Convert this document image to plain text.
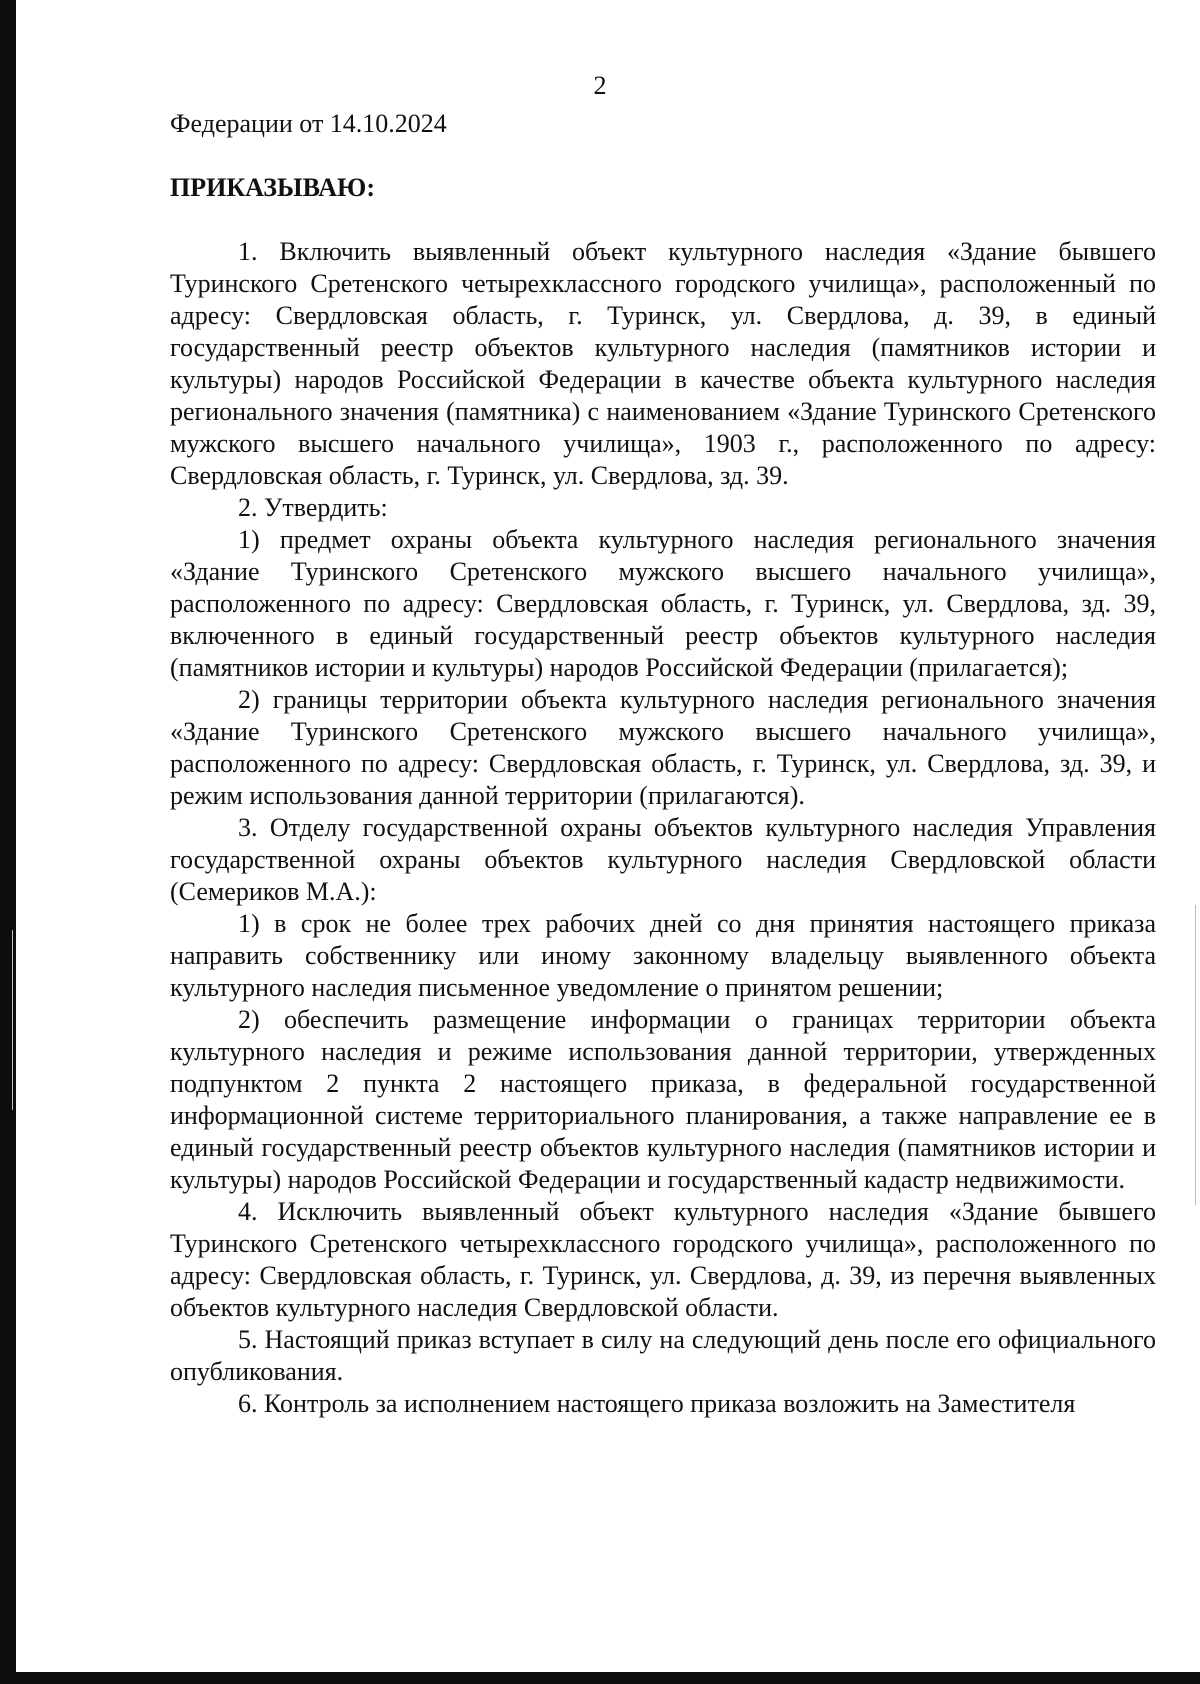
2

Федерации от 14.10.2024

ПРИКАЗЫВАЮ:

1. Включить выявленный объект культурного наследия «Здание бывшего Туринского Сретенского четырехклассного городского училища», расположенный по адресу: Свердловская область, г. Туринск, ул. Свердлова, д. 39, в единый государственный реестр объектов культурного наследия (памятников истории и культуры) народов Российской Федерации в качестве объекта культурного наследия регионального значения (памятника) с наименованием «Здание Туринского Сретенского мужского высшего начального училища», 1903 г., расположенного по адресу: Свердловская область, г. Туринск, ул. Свердлова, зд. 39.

2. Утвердить:

1) предмет охраны объекта культурного наследия регионального значения «Здание Туринского Сретенского мужского высшего начального училища», расположенного по адресу: Свердловская область, г. Туринск, ул. Свердлова, зд. 39, включенного в единый государственный реестр объектов культурного наследия (памятников истории и культуры) народов Российской Федерации (прилагается);

2) границы территории объекта культурного наследия регионального значения «Здание Туринского Сретенского мужского высшего начального училища», расположенного по адресу: Свердловская область, г. Туринск, ул. Свердлова, зд. 39, и режим использования данной территории (прилагаются).

3. Отделу государственной охраны объектов культурного наследия Управления государственной охраны объектов культурного наследия Свердловской области (Семериков М.А.):

1) в срок не более трех рабочих дней со дня принятия настоящего приказа направить собственнику или иному законному владельцу выявленного объекта культурного наследия письменное уведомление о принятом решении;

2) обеспечить размещение информации о границах территории объекта культурного наследия и режиме использования данной территории, утвержденных подпунктом 2 пункта 2 настоящего приказа, в федеральной государственной информационной системе территориального планирования, а также направление ее в единый государственный реестр объектов культурного наследия (памятников истории и культуры) народов Российской Федерации и государственный кадастр недвижимости.

4. Исключить выявленный объект культурного наследия «Здание бывшего Туринского Сретенского четырехклассного городского училища», расположенного по адресу: Свердловская область, г. Туринск, ул. Свердлова, д. 39, из перечня выявленных объектов культурного наследия Свердловской области.

5. Настоящий приказ вступает в силу на следующий день после его официального опубликования.

6. Контроль за исполнением настоящего приказа возложить на Заместителя
